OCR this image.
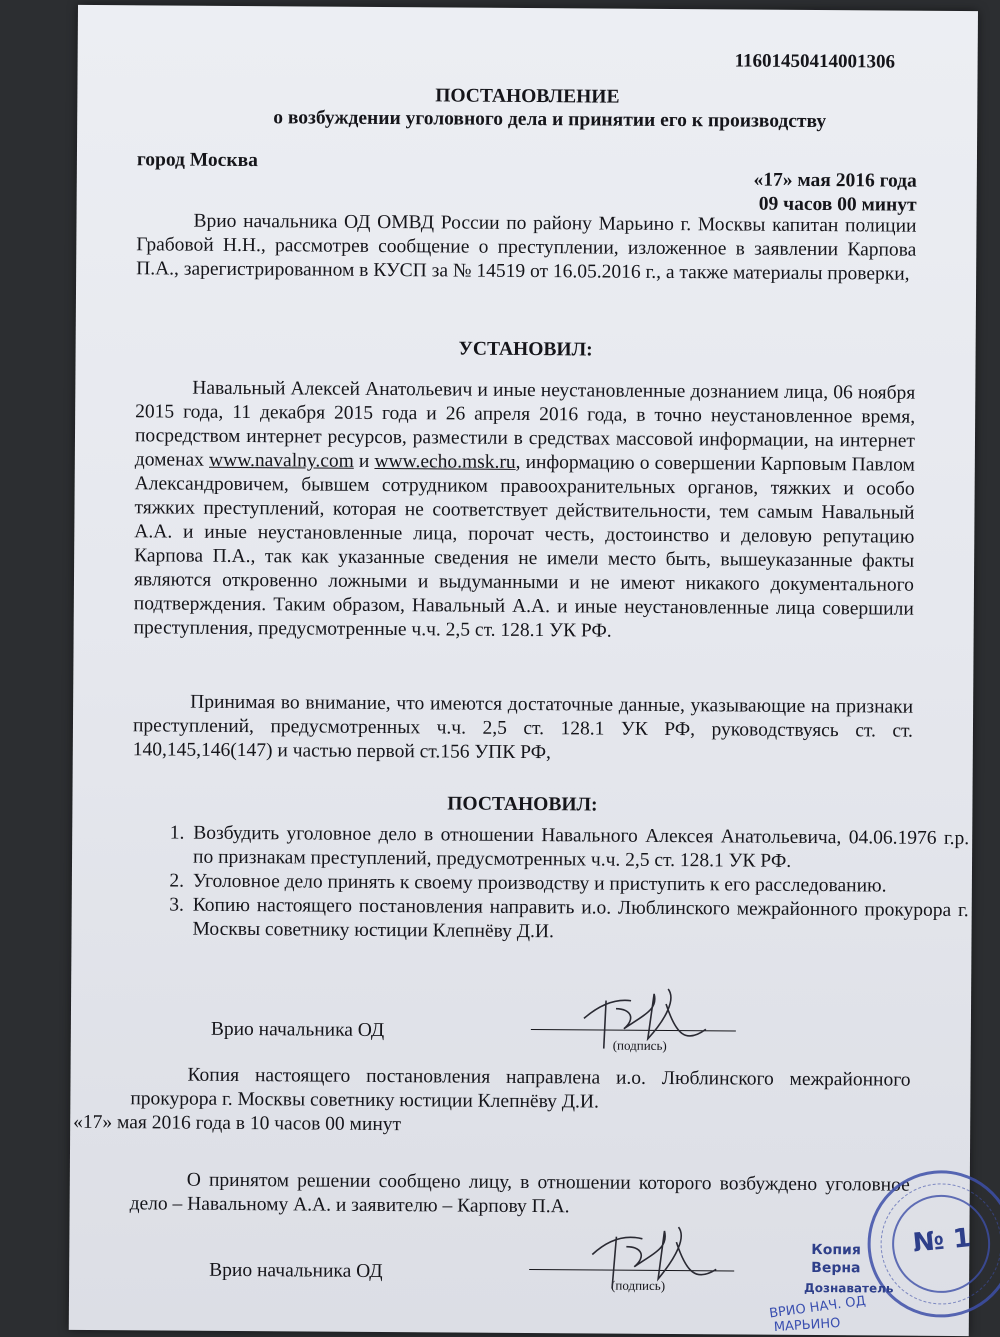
11601450414001306
ПОСТАНОВЛЕНИЕ
о возбуждении уголовного дела и принятии его к производству
город Москва
«17» мая 2016 года
09 часов 00 минут

Врио начальника ОД ОМВД России по району Марьино г. Москвы капитан полиции Грабовой Н.Н., рассмотрев сообщение о преступлении, изложенное в заявлении Карпова П.А., зарегистрированном в КУСП за № 14519 от 16.05.2016 г., а также материалы проверки,

УСТАНОВИЛ:

Навальный Алексей Анатольевич и иные неустановленные дознанием лица, 06 ноября 2015 года, 11 декабря 2015 года и 26 апреля 2016 года, в точно неустановленное время, посредством интернет ресурсов, разместили в средствах массовой информации, на интернет доменах www.navalny.com и www.echo.msk.ru, информацию о совершении Карповым Павлом Александровичем, бывшем сотрудником правоохранительных органов, тяжких и особо тяжких преступлений, которая не соответствует действительности, тем самым Навальный А.А. и иные неустановленные лица, порочат честь, достоинство и деловую репутацию Карпова П.А., так как указанные сведения не имели место быть, вышеуказанные факты являются откровенно ложными и выдуманными и не имеют никакого документального подтверждения. Таким образом, Навальный А.А. и иные неустановленные лица совершили преступления, предусмотренные ч.ч. 2,5 ст. 128.1 УК РФ.

Принимая во внимание, что имеются достаточные данные, указывающие на признаки преступлений, предусмотренных ч.ч. 2,5 ст. 128.1 УК РФ, руководствуясь ст. ст. 140,145,146(147) и частью первой ст.156 УПК РФ,

ПОСТАНОВИЛ:
1. Возбудить уголовное дело в отношении Навального Алексея Анатольевича, 04.06.1976 г.р. по признакам преступлений, предусмотренных ч.ч. 2,5 ст. 128.1 УК РФ.
2. Уголовное дело принять к своему производству и приступить к его расследованию.
3. Копию настоящего постановления направить и.о. Люблинского межрайонного прокурора г. Москвы советнику юстиции Клепнёву Д.И.
Врио начальника ОД
(подпись)

Копия настоящего постановления направлена и.о. Люблинского межрайонного прокурора г. Москвы советнику юстиции Клепнёву Д.И.
«17» мая 2016 года в 10 часов 00 минут

О принятом решении сообщено лицу, в отношении которого возбуждено уголовное дело – Навальному А.А. и заявителю – Карпову П.А.

Врио начальника ОД
(подпись)
№ 1
Копия
Верна
Дознаватель
ВРИО НАЧ. ОД
МАРЬИНО
